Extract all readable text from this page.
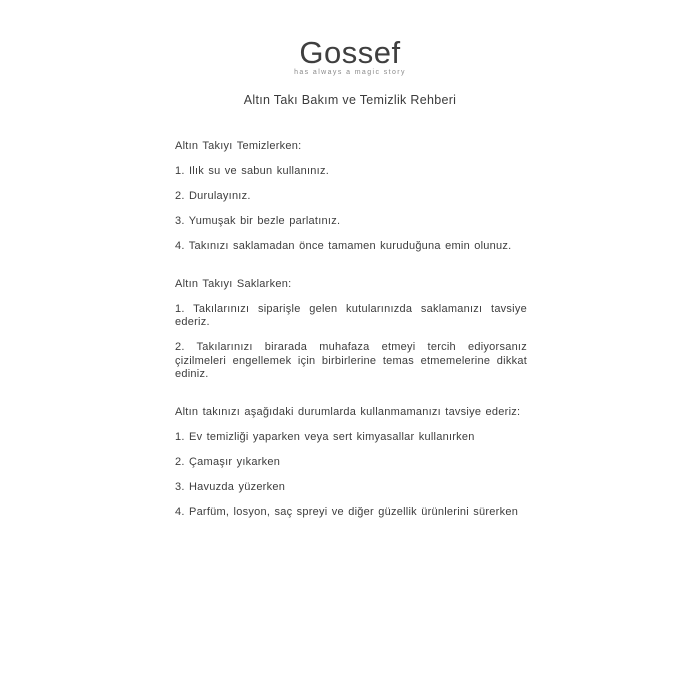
Gossef
has always a magic story
Altın Takı Bakım ve Temizlik Rehberi

Altın Takıyı Temizlerken:

1. Ilık su ve sabun kullanınız.

2. Durulayınız.

3. Yumuşak bir bezle parlatınız.

4. Takınızı saklamadan önce tamamen kuruduğuna emin olunuz.

Altın Takıyı Saklarken:

1. Takılarınızı siparişle gelen kutularınızda saklamanızı tavsiye ederiz.

2. Takılarınızı birarada muhafaza etmeyi tercih ediyorsanız çizilmeleri engellemek için birbirlerine temas etmemelerine dikkat ediniz.

Altın takınızı aşağıdaki durumlarda kullanmamanızı tavsiye ederiz:

1. Ev temizliği yaparken veya sert kimyasallar kullanırken

2. Çamaşır yıkarken

3. Havuzda yüzerken

4. Parfüm, losyon, saç spreyi ve diğer güzellik ürünlerini sürerken
